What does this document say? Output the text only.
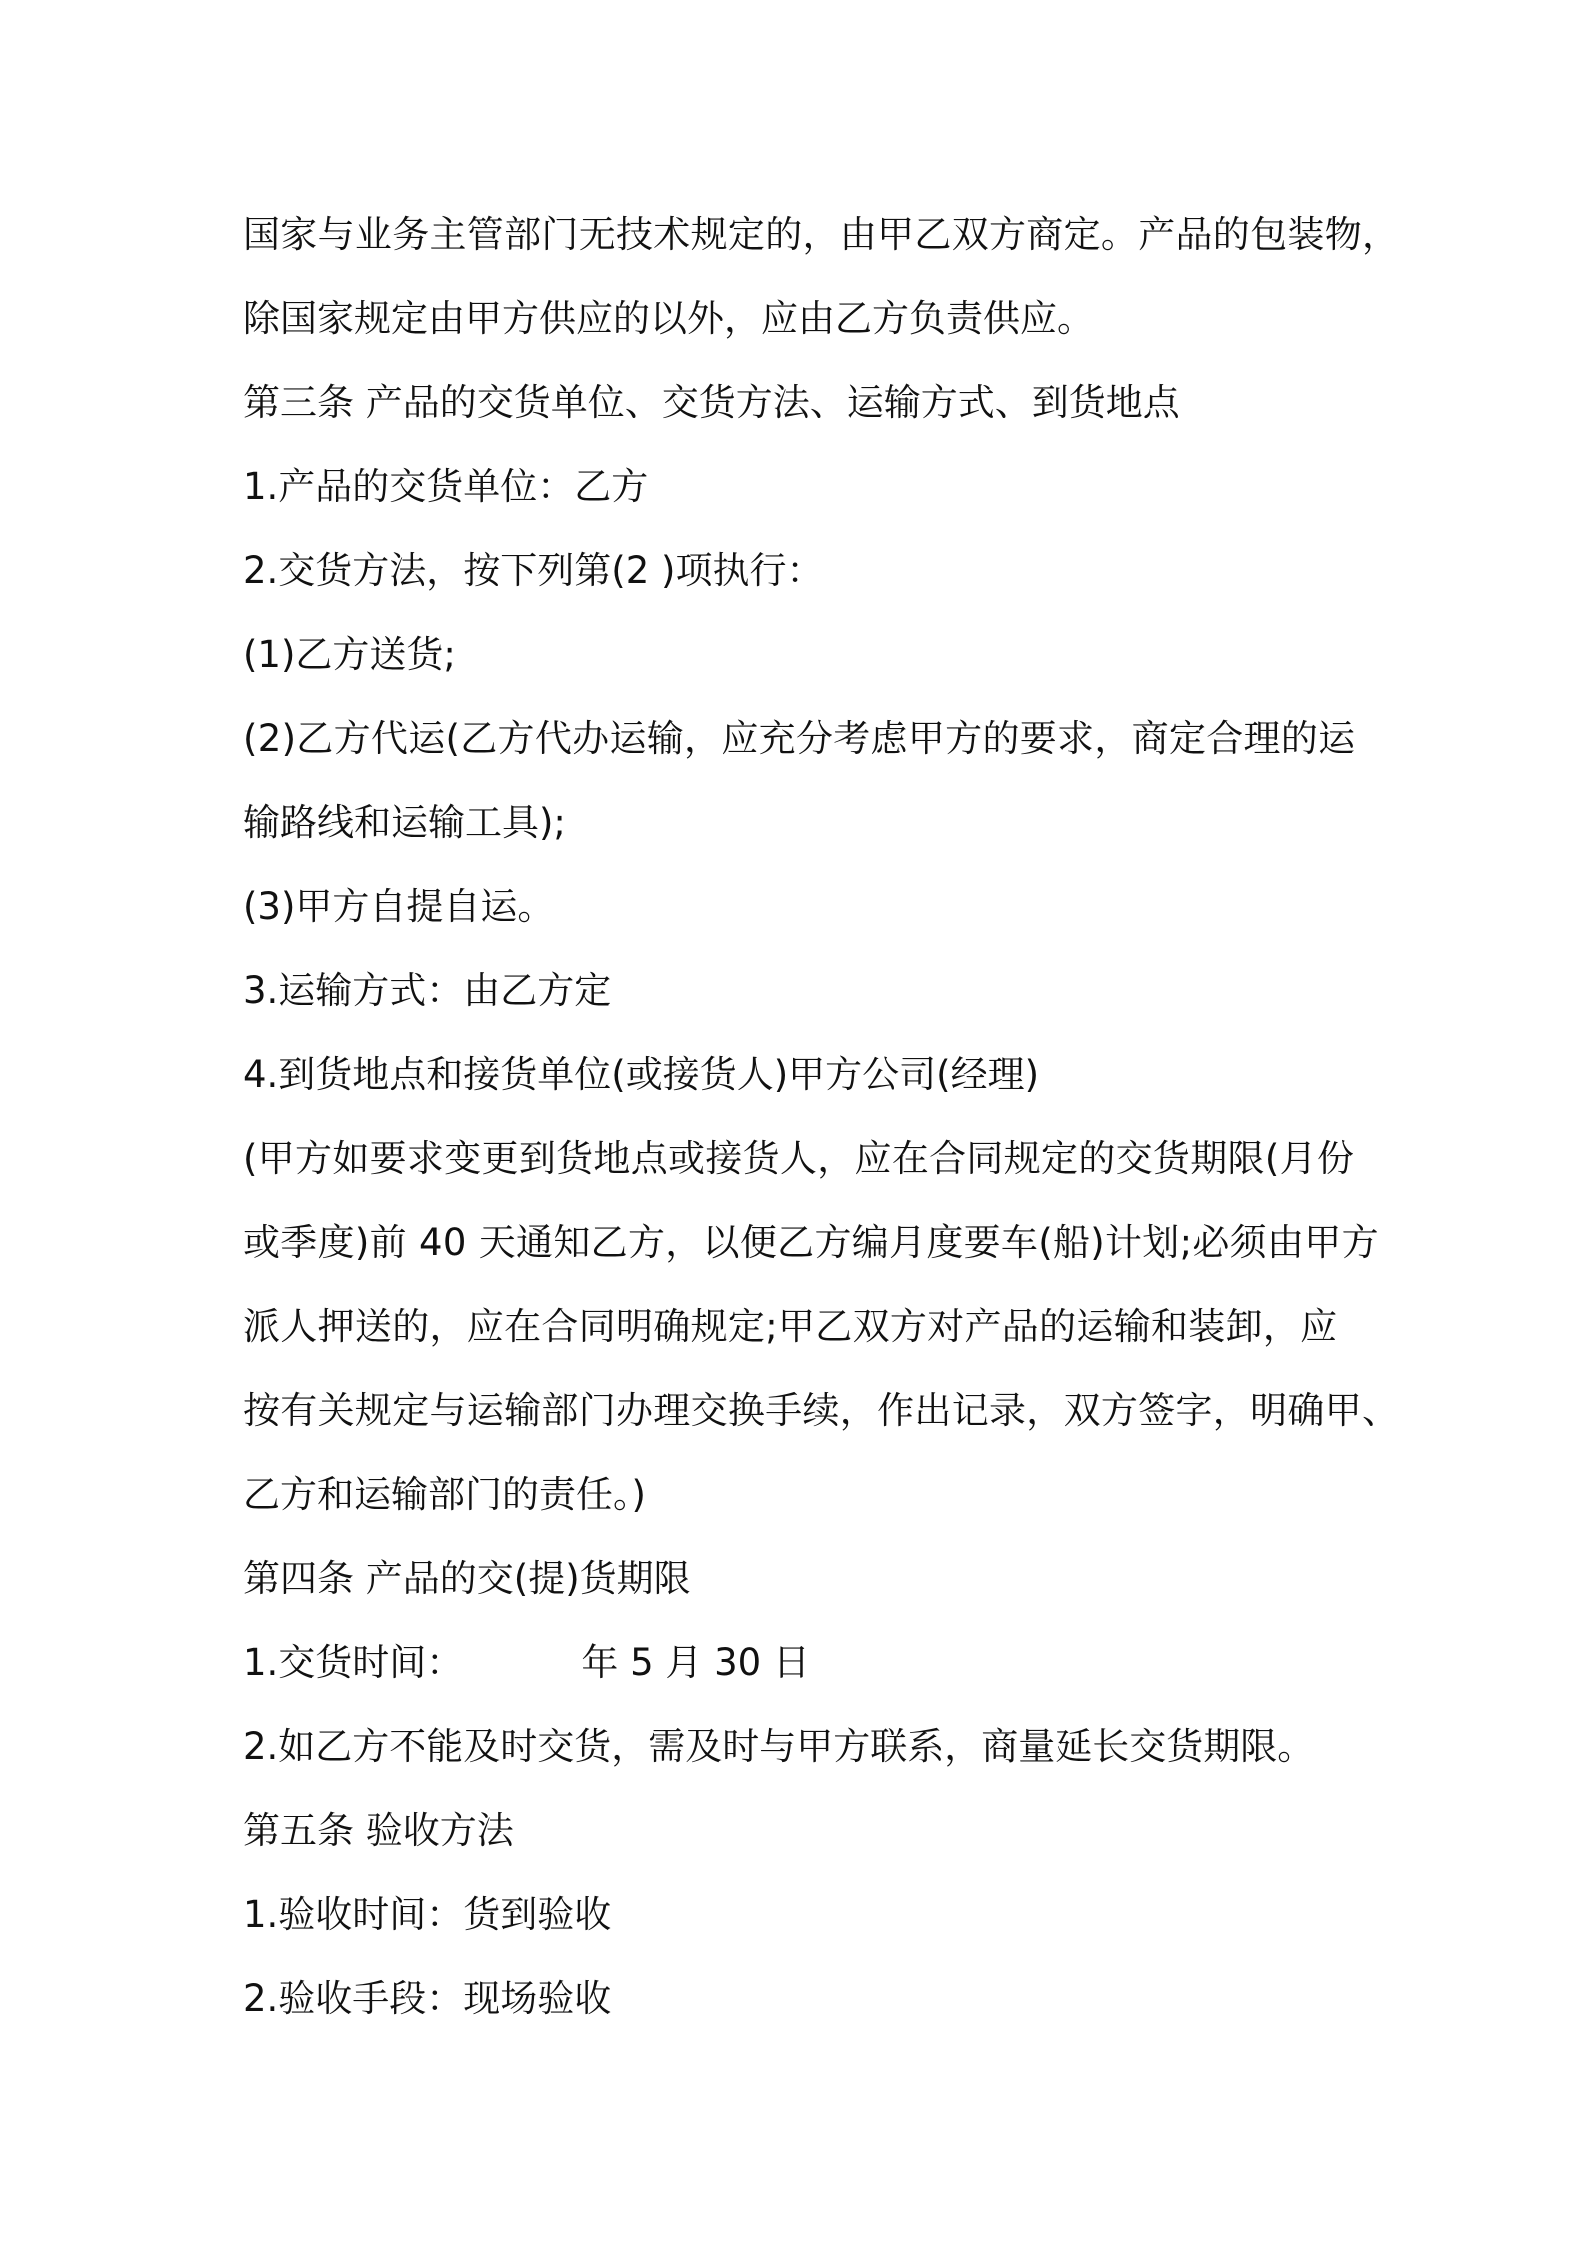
国家与业务主管部门无技术规定的，由甲乙双方商定。产品的包装物，
除国家规定由甲方供应的以外，应由乙方负责供应。
第三条 产品的交货单位、交货方法、运输方式、到货地点
1.产品的交货单位：乙方
2.交货方法，按下列第(2 )项执行：
(1)乙方送货;
(2)乙方代运(乙方代办运输，应充分考虑甲方的要求，商定合理的运
输路线和运输工具);
(3)甲方自提自运。
3.运输方式：由乙方定
4.到货地点和接货单位(或接货人)甲方公司(经理)
(甲方如要求变更到货地点或接货人，应在合同规定的交货期限(月份
或季度)前 40 天通知乙方，以便乙方编月度要车(船)计划;必须由甲方
派人押送的，应在合同明确规定;甲乙双方对产品的运输和装卸，应
按有关规定与运输部门办理交换手续，作出记录，双方签字，明确甲、
乙方和运输部门的责任。)
第四条 产品的交(提)货期限
1.交货时间：	年 5 月 30 日
2.如乙方不能及时交货，需及时与甲方联系，商量延长交货期限。
第五条 验收方法
1.验收时间：货到验收
2.验收手段：现场验收
